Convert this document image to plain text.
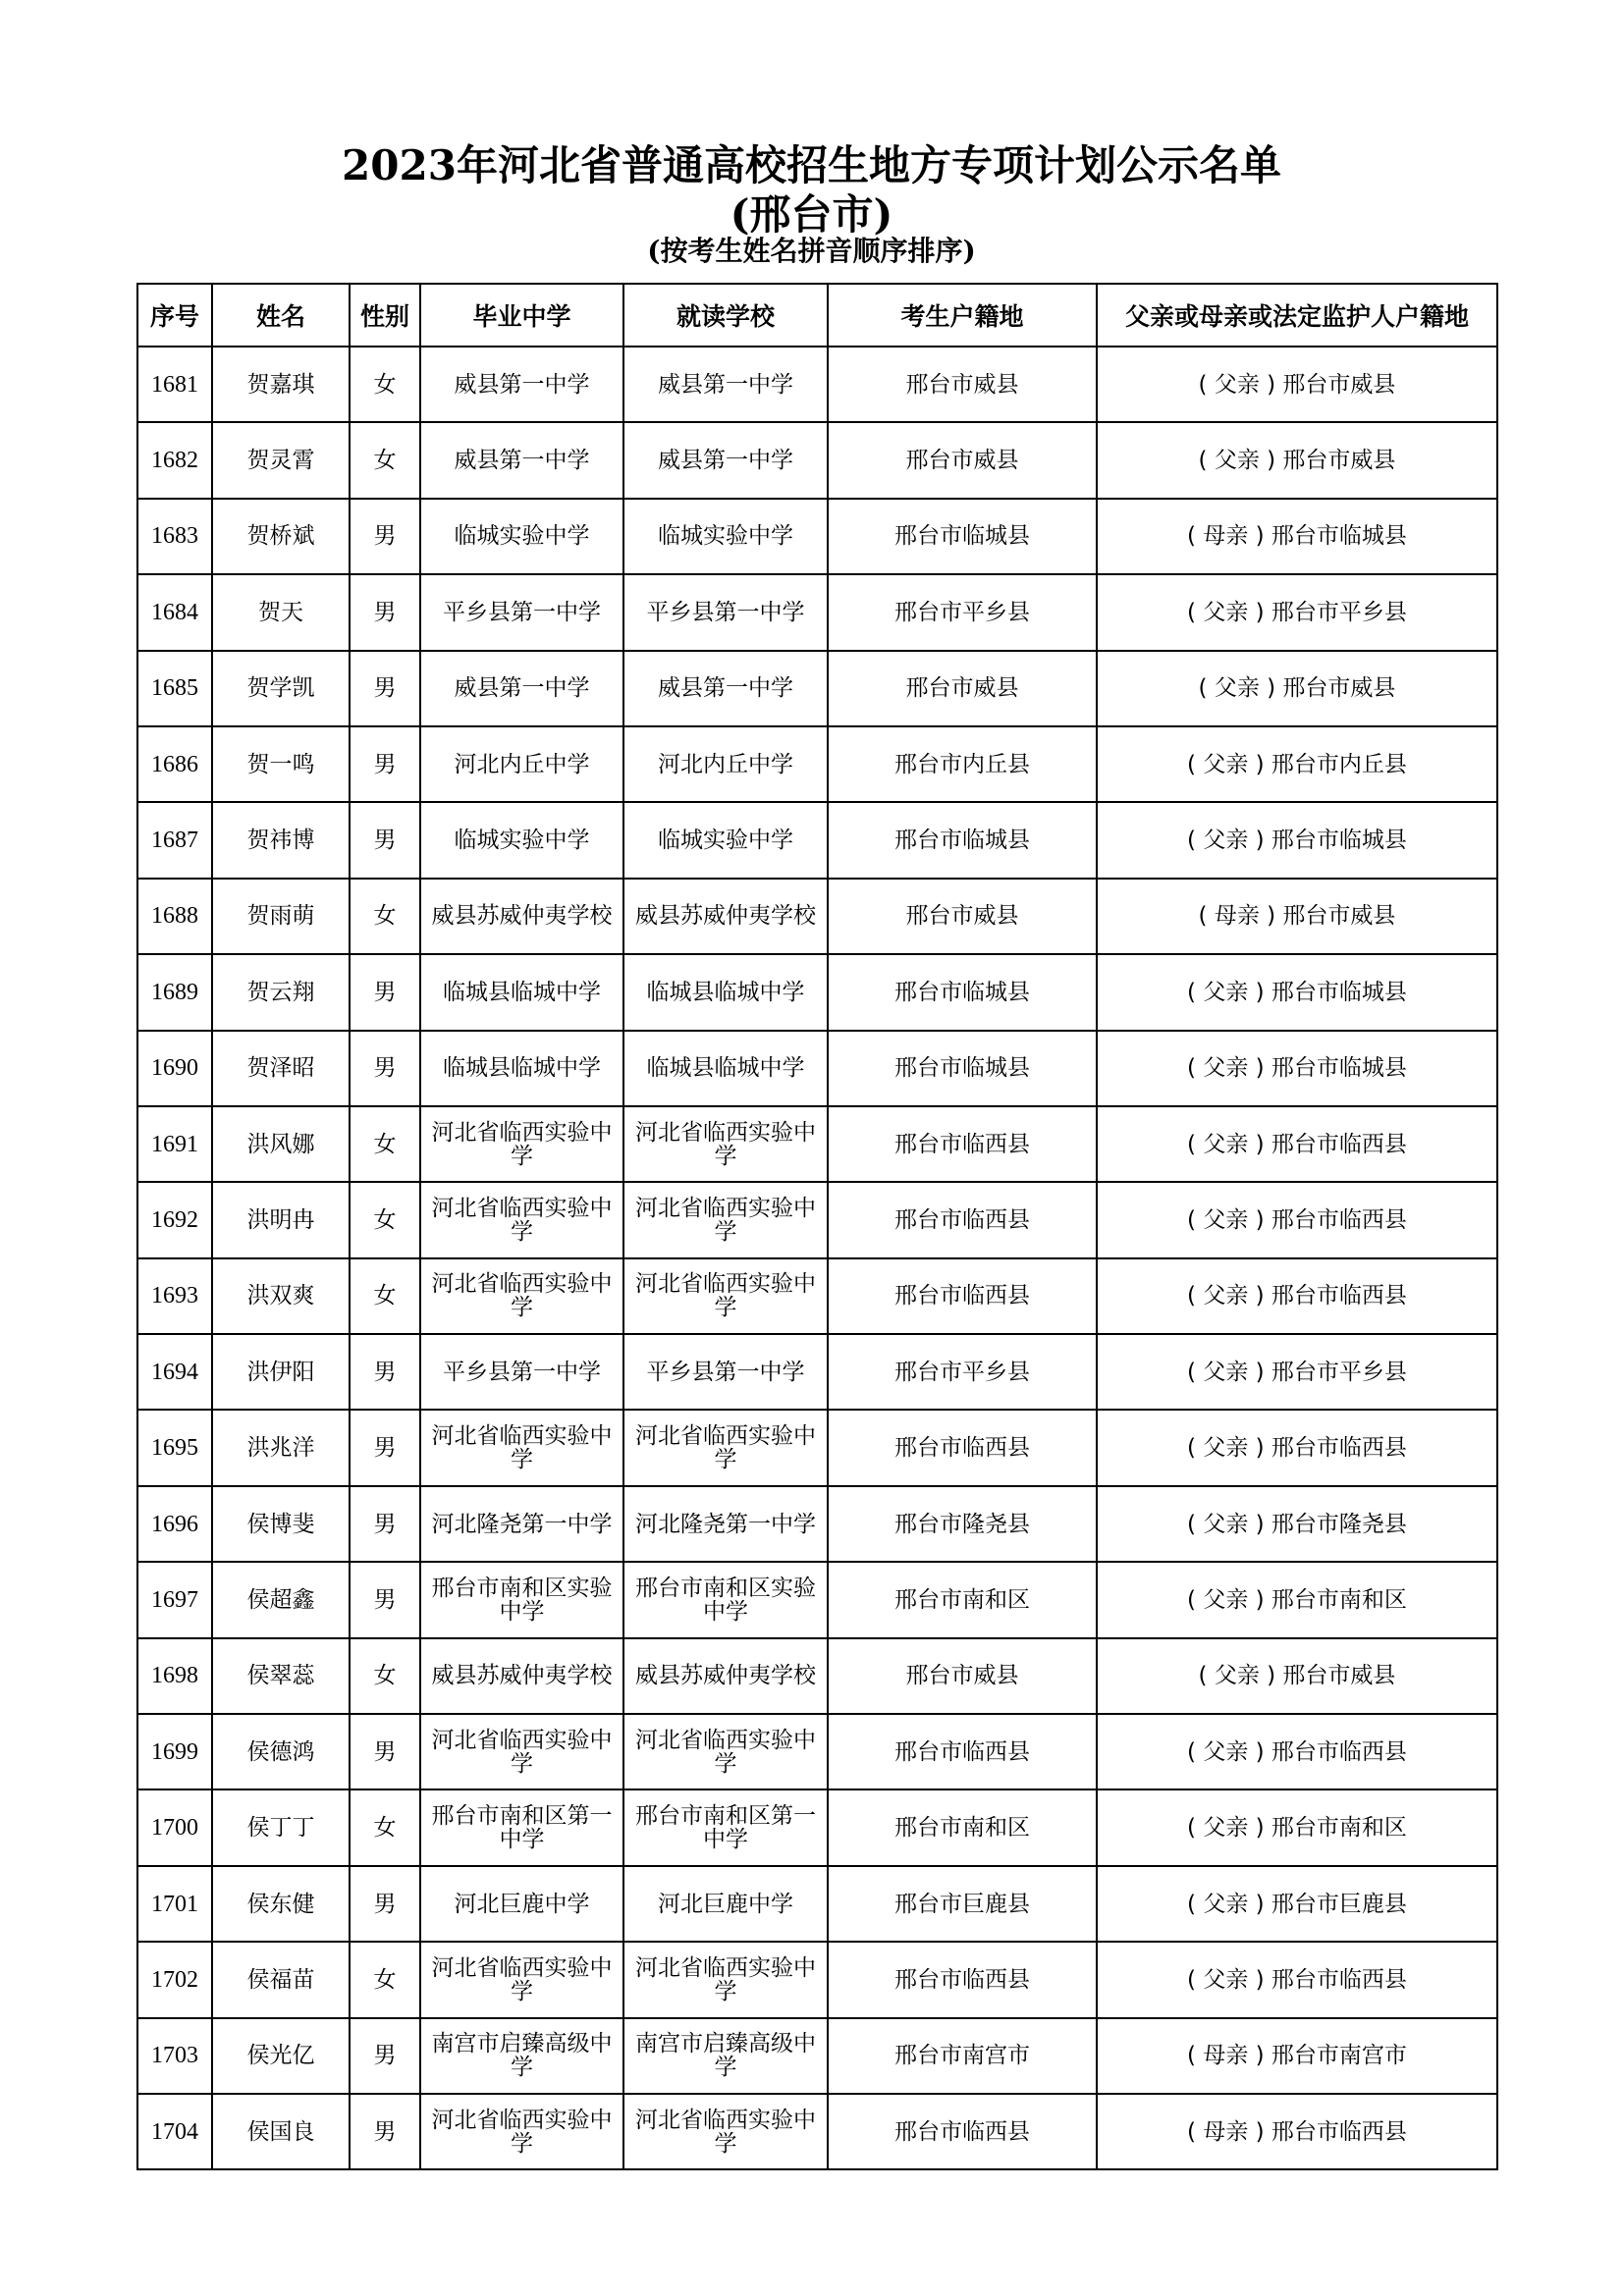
2023年河北省普通高校招生地方专项计划公示名单
(邢台市)
(按考生姓名拼音顺序排序)
序号	姓名	性别	毕业中学	就读学校	考生户籍地	父亲或母亲或法定监护人户籍地
1681	贺嘉琪	女	威县第一中学	威县第一中学	邢台市威县	( 父亲 ) 邢台市威县
1682	贺灵霄	女	威县第一中学	威县第一中学	邢台市威县	( 父亲 ) 邢台市威县
1683	贺桥斌	男	临城实验中学	临城实验中学	邢台市临城县	( 母亲 ) 邢台市临城县
1684	贺天	男	平乡县第一中学	平乡县第一中学	邢台市平乡县	( 父亲 ) 邢台市平乡县
1685	贺学凯	男	威县第一中学	威县第一中学	邢台市威县	( 父亲 ) 邢台市威县
1686	贺一鸣	男	河北内丘中学	河北内丘中学	邢台市内丘县	( 父亲 ) 邢台市内丘县
1687	贺祎博	男	临城实验中学	临城实验中学	邢台市临城县	( 父亲 ) 邢台市临城县
1688	贺雨萌	女	威县苏威仲夷学校	威县苏威仲夷学校	邢台市威县	( 母亲 ) 邢台市威县
1689	贺云翔	男	临城县临城中学	临城县临城中学	邢台市临城县	( 父亲 ) 邢台市临城县
1690	贺泽昭	男	临城县临城中学	临城县临城中学	邢台市临城县	( 父亲 ) 邢台市临城县
1691	洪风娜	女	河北省临西实验中学	河北省临西实验中学	邢台市临西县	( 父亲 ) 邢台市临西县
1692	洪明冉	女	河北省临西实验中学	河北省临西实验中学	邢台市临西县	( 父亲 ) 邢台市临西县
1693	洪双爽	女	河北省临西实验中学	河北省临西实验中学	邢台市临西县	( 父亲 ) 邢台市临西县
1694	洪伊阳	男	平乡县第一中学	平乡县第一中学	邢台市平乡县	( 父亲 ) 邢台市平乡县
1695	洪兆洋	男	河北省临西实验中学	河北省临西实验中学	邢台市临西县	( 父亲 ) 邢台市临西县
1696	侯博斐	男	河北隆尧第一中学	河北隆尧第一中学	邢台市隆尧县	( 父亲 ) 邢台市隆尧县
1697	侯超鑫	男	邢台市南和区实验中学	邢台市南和区实验中学	邢台市南和区	( 父亲 ) 邢台市南和区
1698	侯翠蕊	女	威县苏威仲夷学校	威县苏威仲夷学校	邢台市威县	( 父亲 ) 邢台市威县
1699	侯德鸿	男	河北省临西实验中学	河北省临西实验中学	邢台市临西县	( 父亲 ) 邢台市临西县
1700	侯丁丁	女	邢台市南和区第一中学	邢台市南和区第一中学	邢台市南和区	( 父亲 ) 邢台市南和区
1701	侯东健	男	河北巨鹿中学	河北巨鹿中学	邢台市巨鹿县	( 父亲 ) 邢台市巨鹿县
1702	侯福苗	女	河北省临西实验中学	河北省临西实验中学	邢台市临西县	( 父亲 ) 邢台市临西县
1703	侯光亿	男	南宫市启臻高级中学	南宫市启臻高级中学	邢台市南宫市	( 母亲 ) 邢台市南宫市
1704	侯国良	男	河北省临西实验中学	河北省临西实验中学	邢台市临西县	( 母亲 ) 邢台市临西县
